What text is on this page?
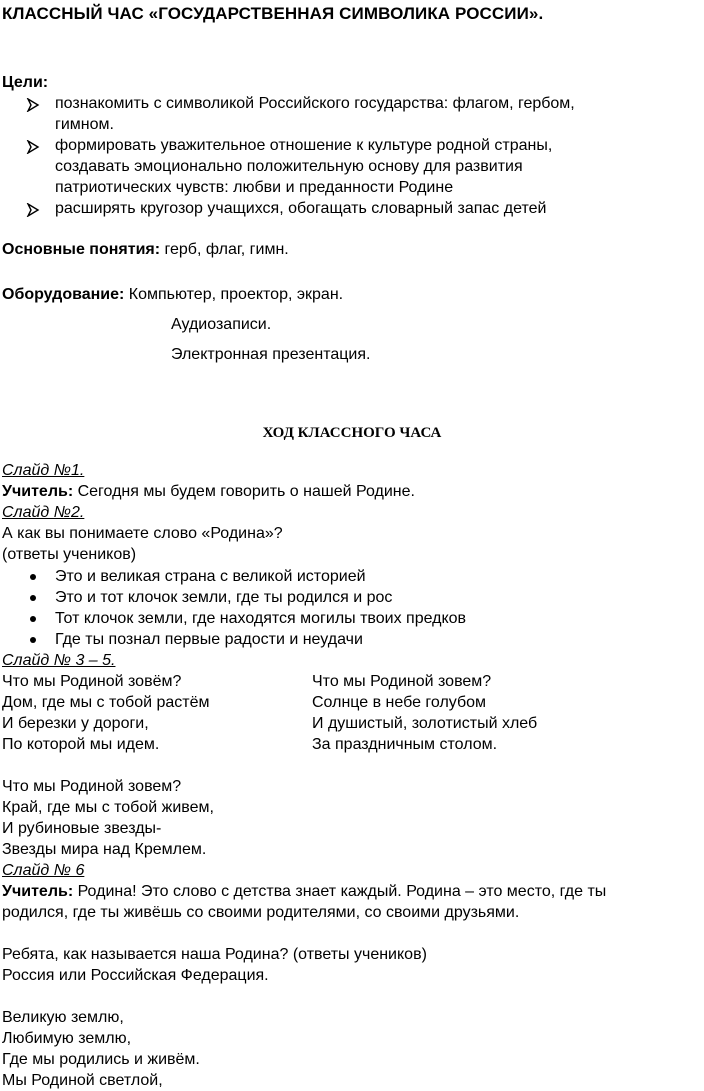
КЛАССНЫЙ ЧАС «ГОСУДАРСТВЕННАЯ СИМВОЛИКА РОССИИ».
Цели:
познакомить с символикой Российского государства: флагом, гербом,
гимном.
формировать уважительное отношение к культуре родной страны,
создавать эмоционально положительную основу для развития
патриотических чувств: любви и преданности Родине
расширять кругозор учащихся, обогащать словарный запас детей
Основные понятия: герб, флаг, гимн.
Оборудование: Компьютер, проектор, экран.
Аудиозаписи.
Электронная презентация.
ХОД КЛАССНОГО ЧАСА
Слайд №1.
Учитель: Сегодня мы будем говорить о нашей Родине.
Слайд №2.
А как вы понимаете слово «Родина»?
(ответы учеников)
Это и великая страна с великой историей
Это и тот клочок земли, где ты родился и рос
Тот клочок земли, где находятся могилы твоих предков
Где ты познал первые радости и неудачи
Слайд № 3 – 5.
Что мы Родиной зовём?
Дом, где мы с тобой растём
И березки у дороги,
По которой мы идем.
Что мы Родиной зовем?
Солнце в небе голубом
И душистый, золотистый хлеб
За праздничным столом.
Что мы Родиной зовем?
Край, где мы с тобой живем,
И рубиновые звезды-
Звезды мира над Кремлем.
Слайд № 6
Учитель: Родина! Это слово с детства знает каждый. Родина – это место, где ты
родился, где ты живёшь со своими родителями, со своими друзьями.
Ребята, как называется наша Родина? (ответы учеников)
Россия или Российская Федерация.
Великую землю,
Любимую землю,
Где мы родились и живём.
Мы Родиной светлой,
